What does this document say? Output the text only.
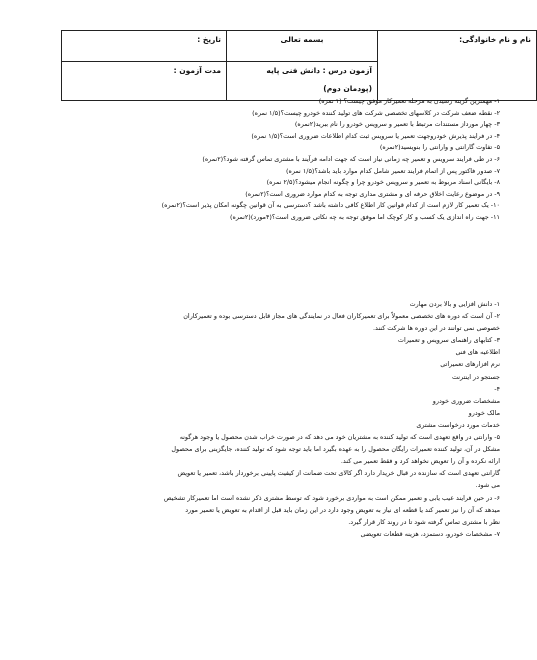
نام و نام خانوادگی:	بسمه تعالی	تاریخ :
	آزمون درس : دانش فنی پایه
(پودمان دوم)	مدت آزمون :
۱- مهمترین گزینه رسیدن به مرحله تعمیرکار موفق چیست؟ (۱ نمره)
۲- نقطه ضعف شرکت در کلاسهای تخصصی شرکت های تولید کننده خودرو چیست؟(۱/۵ نمره)
۳- چهار مورداز مستندات مرتبط با تعمیر و سرویس خودرو را نام ببرید(۲نمره)
۴- در فرایند پذیرش خودروجهت تعمیر یا سرویس ثبت کدام اطلاعات ضروری است؟(۱/۵ نمره)
۵- تفاوت گارانتی و وارانتی را بنویسید(۲نمره)
۶- در طی فرایند سرویس و تعمیر چه زمانی نیاز است که جهت ادامه فرآیند با مشتری تماس گرفته شود؟(۲نمره)
۷- صدور فاکتور پس از اتمام فرایند تعمیر شامل کدام موارد باید باشد؟(۱/۵ نمره)
۸- بایگانی اسناد مربوط به تعمیر و سرویس خودرو چرا و چگونه انجام میشود؟(۲/۵ نمره)
۹- در موضوع رعایت اخلاق حرفه ای و مشتری مداری توجه به کدام موارد ضروری است؟(۲نمره)
۱۰- یک تعمیر کار لازم است از کدام قوانین کار اطلاع کافی داشته باشد ؟دسترسی به آن قوانین چگونه امکان پذیر است؟(۲نمره)
۱۱- جهت راه اندازی یک کسب و کار کوچک اما موفق توجه به چه نکاتی ضروری است؟(۴مورد)(۲نمره)
۱- دانش افزایی و بالا بردن مهارت
۲- آن است که دوره های تخصصی معمولاً برای تعمیرکاران فعال در نمایندگی های مجاز قابل دسترسی بوده و تعمیرکاران
خصوصی نمی توانند در این دوره ها شرکت کنند.
۳- کتابهای راهنمای سرویس و تعمیرات
اطلاعیه های فنی
نرم افزارهای تعمیراتی
جستجو در اینترنت
۴-
مشخصات ضروری خودرو
مالک خودرو
خدمات مورد درخواست مشتری
۵- وارانتی در واقع تعهدی است که تولید کننده به مشتریان خود می دهد که در صورت خراب شدن محصول یا وجود هرگونه
مشکل در آن، تولید کننده تعمیرات رایگان محصول را به عهده بگیرد اما باید توجه شود که تولید کننده، جایگزینی برای محصول
ارائه نکرده و آن را تعویض نخواهد کرد و فقط تعمیر می کند.
گارانتی تعهدی است که سازنده در قبال خریدار دارد اگر کالای تحت ضمانت از کیفیت پایینی برخوردار باشد، تعمیر یا تعویض
می شود.
۶- در حین فرایند عیب یابی و تعمیر ممکن است به مواردی برخورد شود که توسط مشتری ذکر نشده است اما تعمیرکار تشخیص
میدهد که آن را نیز تعمیر کند یا قطعه ای نیاز به تعویض وجود دارد در این زمان باید قبل از اقدام به تعویض یا تعمیر مورد
نظر با مشتری تماس گرفته شود تا در روند کار قرار گیرد.
۷- مشخصات خودرو، دستمزد، هزینه قطعات تعویضی
